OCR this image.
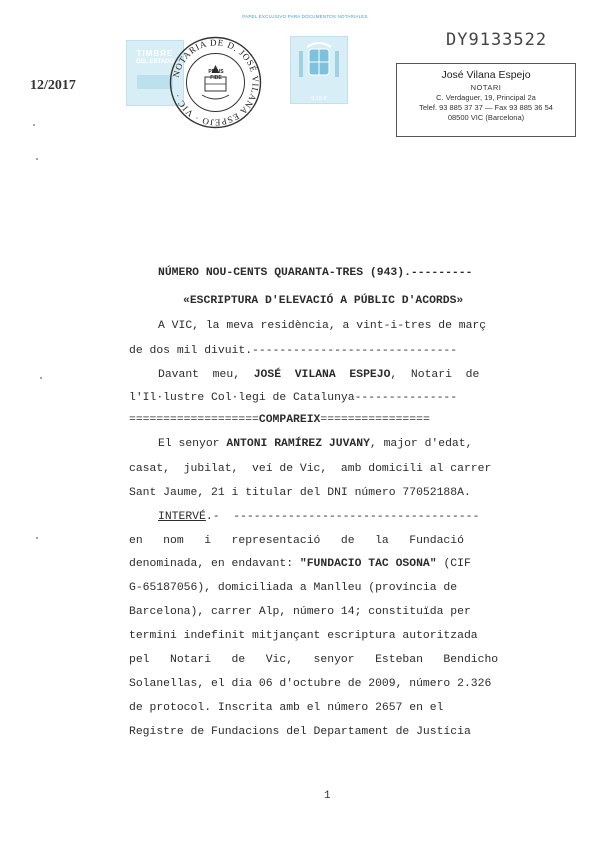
PAPEL EXCLUSIVO PARA DOCUMENTOS NOTARIALES
DY9133522
12/2017
TIMBRE
DEL ESTADO
NOTARIA DE D. JOSÉ VILANA ESPEJO · VIC ·
PRIUS FIDE
0,15 €
José Vilana Espejo
NOTARI
C. Verdaguer, 19, Principal 2a
Telef. 93 885 37 37 — Fax 93 885 36 54
08500 VIC (Barcelona)
NÚMERO NOU-CENTS QUARANTA-TRES (943).---------
«ESCRIPTURA D'ELEVACIÓ A PÚBLIC D'ACORDS»
A VIC, la meva residència, a vint-i-tres de març
de dos mil divuit.------------------------------
Davant  meu,  JOSÉ  VILANA  ESPEJO,  Notari  de
l'Il·lustre Col·legi de Catalunya---------------
===================COMPAREIX================
El senyor ANTONI RAMÍREZ JUVANY, major d'edat,
casat,  jubilat,  veí de Vic,  amb domicili al carrer
Sant Jaume, 21 i titular del DNI número 77052188A.
INTERVÉ.-  ------------------------------------
en   nom   i   representació   de   la   Fundació
denominada, en endavant: "FUNDACIO TAC OSONA" (CIF
G-65187056), domiciliada a Manlleu (província de
Barcelona), carrer Alp, número 14; constituïda per
termini indefinit mitjançant escriptura autoritzada
pel   Notari   de   Vic,   senyor   Esteban   Bendicho
Solanellas, el dia 06 d'octubre de 2009, número 2.326
de protocol. Inscrita amb el número 2657 en el
Registre de Fundacions del Departament de Justícia
1
